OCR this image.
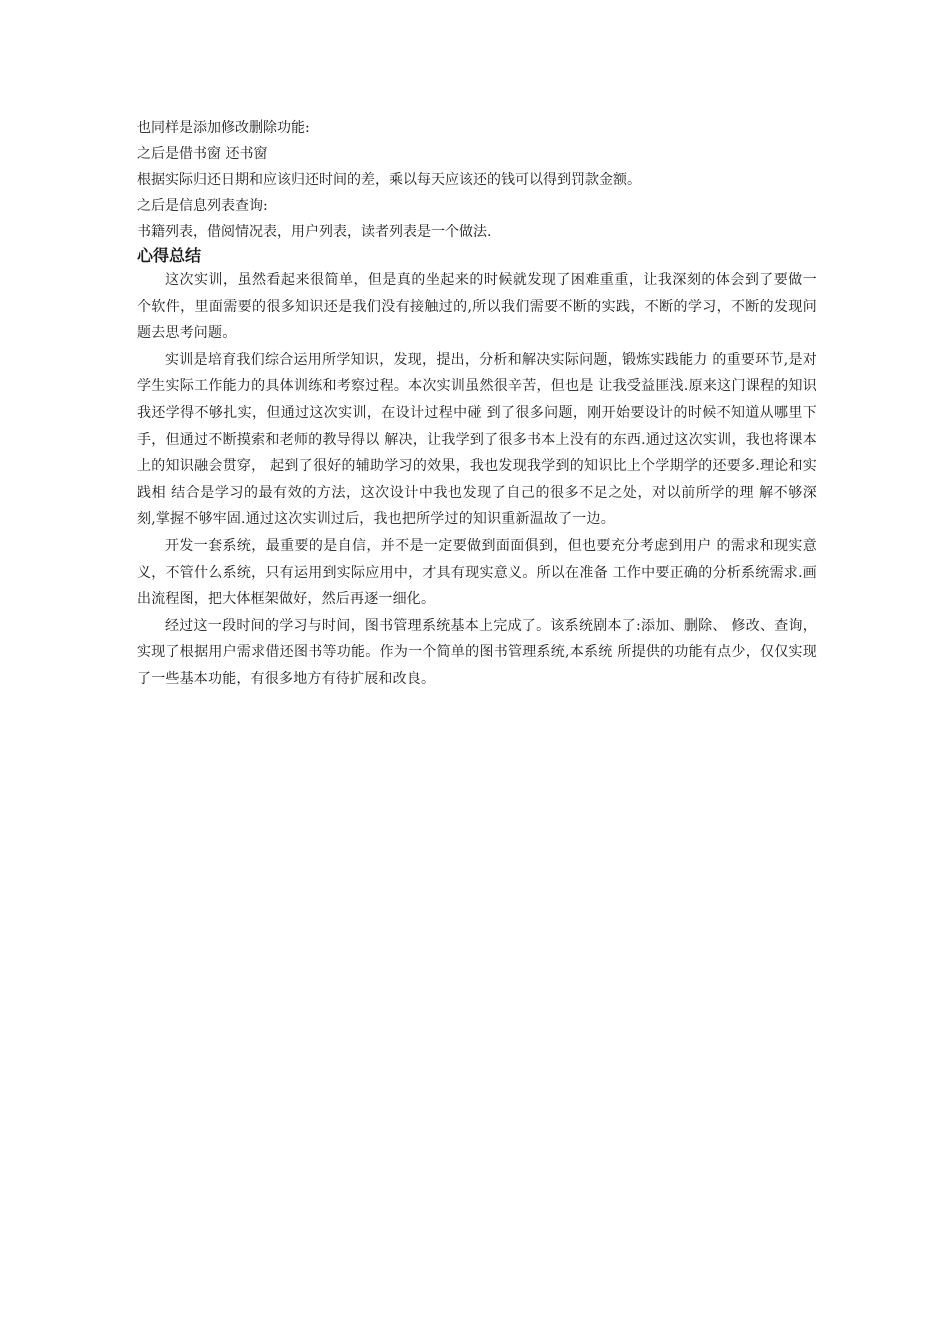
也同样是添加修改删除功能:

之后是借书窗 还书窗

根据实际归还日期和应该归还时间的差，乘以每天应该还的钱可以得到罚款金额。

之后是信息列表查询:

书籍列表，借阅情况表，用户列表，读者列表是一个做法.

心得总结

这次实训，虽然看起来很简单，但是真的坐起来的时候就发现了困难重重，让我深刻的体会到了要做一个软件，里面需要的很多知识还是我们没有接触过的,所以我们需要不断的实践，不断的学习，不断的发现问题去思考问题。

实训是培育我们综合运用所学知识，发现，提出，分析和解决实际问题，锻炼实践能力 的重要环节,是对学生实际工作能力的具体训练和考察过程。本次实训虽然很辛苦，但也是 让我受益匪浅.原来这门课程的知识我还学得不够扎实，但通过这次实训，在设计过程中碰 到了很多问题，刚开始要设计的时候不知道从哪里下手，但通过不断摸索和老师的教导得以 解决，让我学到了很多书本上没有的东西.通过这次实训，我也将课本上的知识融会贯穿， 起到了很好的辅助学习的效果，我也发现我学到的知识比上个学期学的还要多.理论和实践相 结合是学习的最有效的方法，这次设计中我也发现了自己的很多不足之处，对以前所学的理 解不够深刻,掌握不够牢固.通过这次实训过后，我也把所学过的知识重新温故了一边。

开发一套系统，最重要的是自信，并不是一定要做到面面俱到，但也要充分考虑到用户 的需求和现实意义，不管什么系统，只有运用到实际应用中，才具有现实意义。所以在准备 工作中要正确的分析系统需求.画出流程图，把大体框架做好，然后再逐一细化。

经过这一段时间的学习与时间，图书管理系统基本上完成了。该系统剧本了:添加、删除、 修改、查询，实现了根据用户需求借还图书等功能。作为一个简单的图书管理系统,本系统 所提供的功能有点少，仅仅实现了一些基本功能，有很多地方有待扩展和改良。
